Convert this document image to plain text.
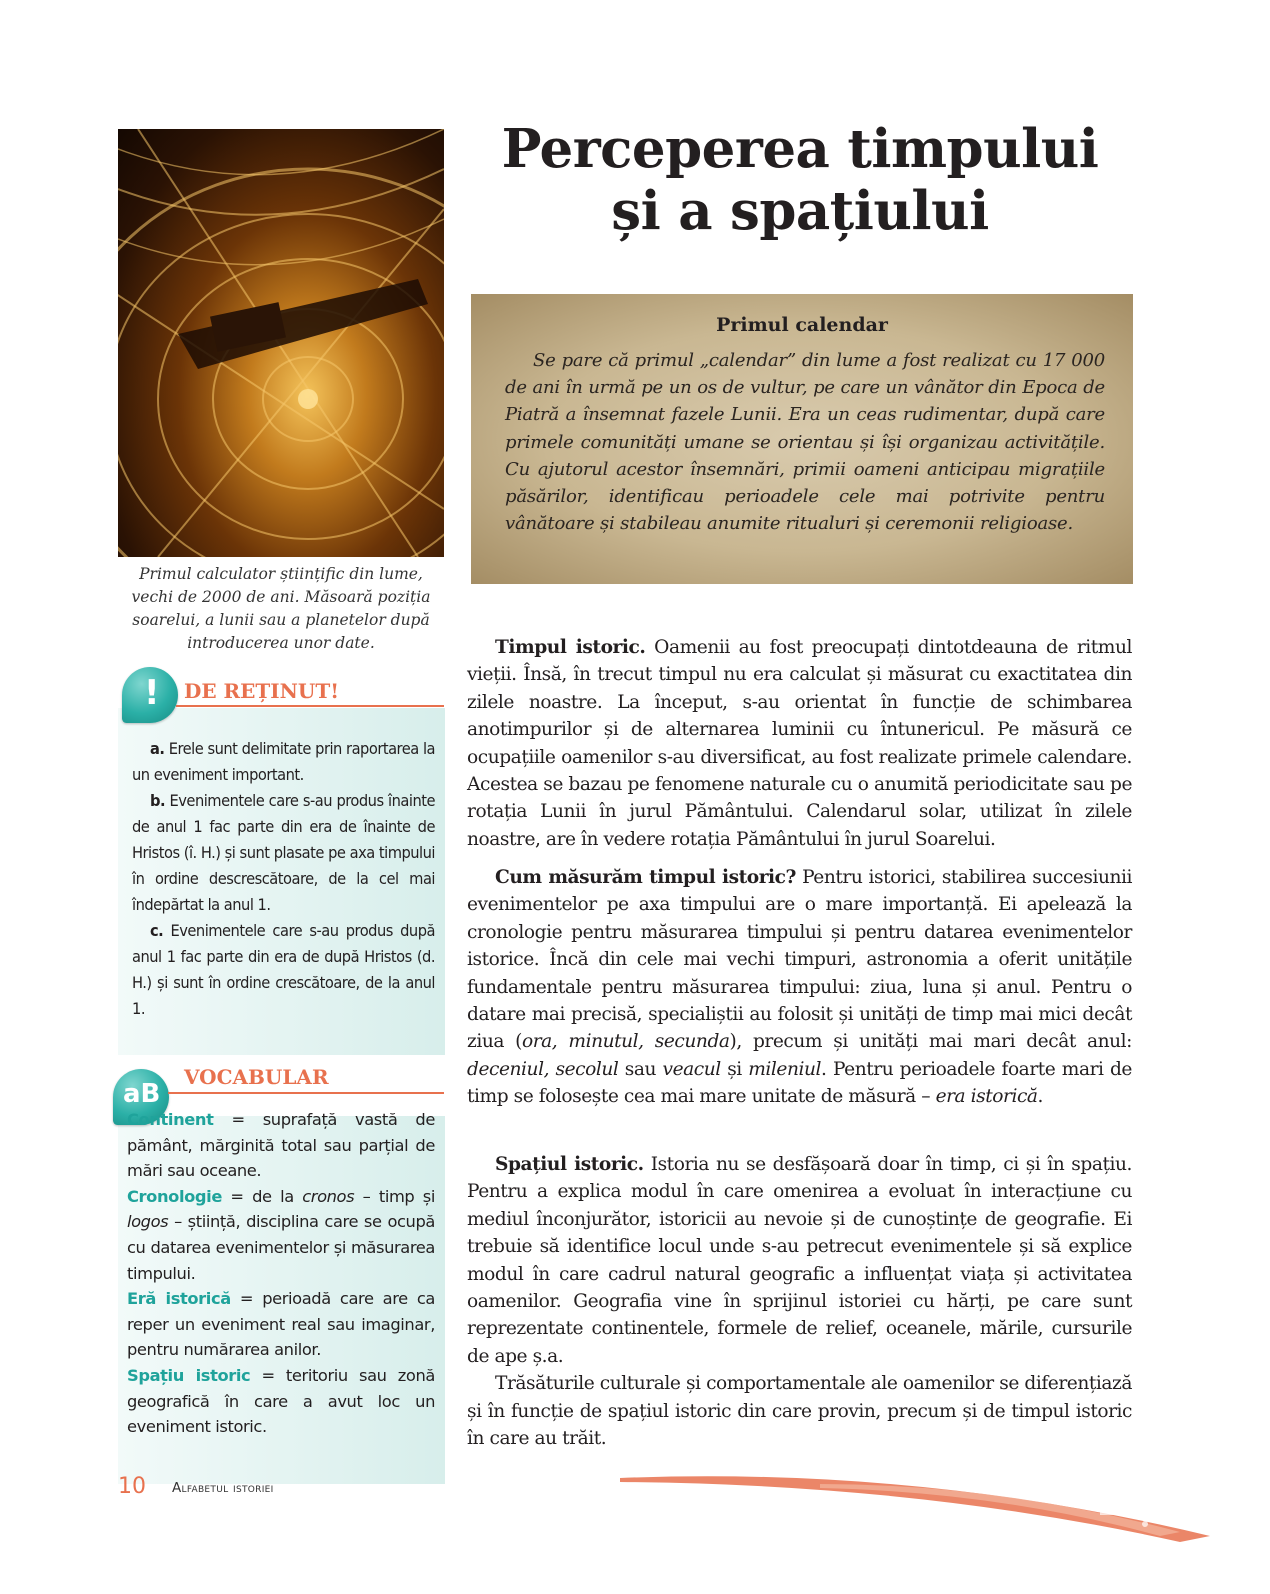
Primul calculator științific din lume, vechi de 2000 de ani. Măsoară poziția soarelui, a lunii sau a planetelor după introducerea unor date.
! DE REȚINUT!

a. Erele sunt delimitate prin raportarea la un eveniment important.

b. Evenimentele care s-au produs înainte de anul 1 fac parte din era de înainte de Hristos (î. H.) și sunt plasate pe axa timpului în ordine descrescătoare, de la cel mai îndepărtat la anul 1.

c. Evenimentele care s-au produs după anul 1 fac parte din era de după Hristos (d. H.) și sunt în ordine crescătoare, de la anul 1.

aB
VOCABULAR

Continent = suprafață vastă de pământ, mărginită total sau parțial de mări sau oceane.

Cronologie = de la cronos – timp și logos – știință, disciplina care se ocupă cu datarea evenimentelor și măsurarea timpului.

Eră istorică = perioadă care are ca reper un eveniment real sau imaginar, pentru numărarea anilor.

Spațiu istoric = teritoriu sau zonă geografică în care a avut loc un eveniment istoric.

10 Alfabetul istoriei
Perceperea timpului
și a spațiului
Primul calendar

Se pare că primul „calendar” din lume a fost realizat cu 17 000 de ani în urmă pe un os de vultur, pe care un vânător din Epoca de Piatră a însemnat fazele Lunii. Era un ceas rudimentar, după care primele comunități umane se orientau și își organizau activitățile. Cu ajutorul acestor însemnări, primii oameni anticipau migrațiile păsărilor, identificau perioadele cele mai potrivite pentru vânătoare și stabileau anumite ritualuri și ceremonii religioase.

Timpul istoric. Oamenii au fost preocupați dintotdeauna de ritmul vieții. Însă, în trecut timpul nu era calculat și măsurat cu exactitatea din zilele noastre. La început, s-au orientat în funcție de schimbarea anotimpurilor și de alternarea luminii cu întunericul. Pe măsură ce ocupațiile oamenilor s-au diversificat, au fost realizate primele calendare. Acestea se bazau pe fenomene naturale cu o anumită periodicitate sau pe rotația Lunii în jurul Pământului. Calendarul solar, utilizat în zilele noastre, are în vedere rotația Pământului în jurul Soarelui.

Cum măsurăm timpul istoric? Pentru istorici, stabilirea succesiunii evenimentelor pe axa timpului are o mare importanță. Ei apelează la cronologie pentru măsurarea timpului și pentru datarea evenimentelor istorice. Încă din cele mai vechi timpuri, astronomia a oferit unitățile fundamentale pentru măsurarea timpului: ziua, luna și anul. Pentru o datare mai precisă, specialiștii au folosit și unități de timp mai mici decât ziua (ora, minutul, secunda), precum și unități mai mari decât anul: deceniul, secolul sau veacul și mileniul. Pentru perioadele foarte mari de timp se folosește cea mai mare unitate de măsură – era istorică.

Spațiul istoric. Istoria nu se desfășoară doar în timp, ci și în spațiu. Pentru a explica modul în care omenirea a evoluat în interacțiune cu mediul înconjurător, istoricii au nevoie și de cunoștințe de geografie. Ei trebuie să identifice locul unde s-au petrecut evenimentele și să explice modul în care cadrul natural geografic a influențat viața și activitatea oamenilor. Geografia vine în sprijinul istoriei cu hărți, pe care sunt reprezentate continentele, formele de relief, oceanele, mările, cursurile de ape ș.a.

Trăsăturile culturale și comportamentale ale oamenilor se diferențiază și în funcție de spațiul istoric din care provin, precum și de timpul istoric în care au trăit.
